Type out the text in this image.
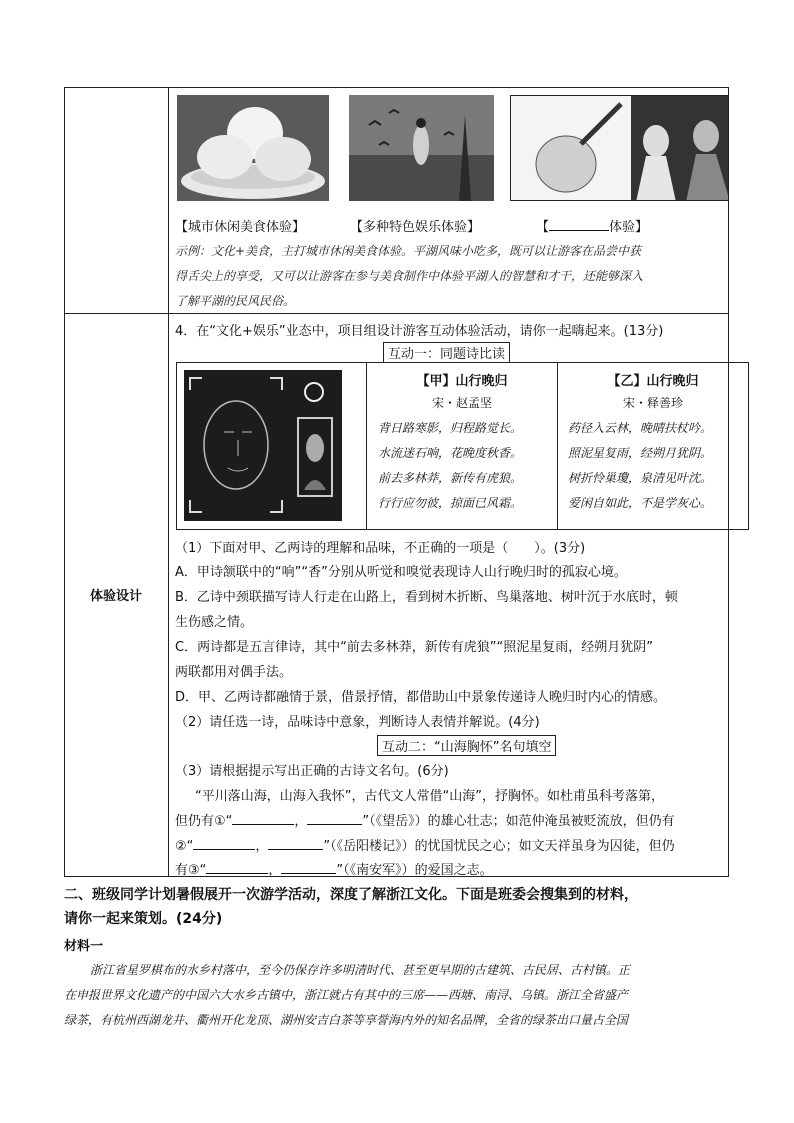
体验设计
【城市休闲美食体验】	【多种特色娱乐体验】	【	体验】
示例：文化+美食，主打城市休闲美食体验。平湖风味小吃多，既可以让游客在品尝中获
得舌尖上的享受，又可以让游客在参与美食制作中体验平湖人的智慧和才干，还能够深入
了解平湖的民风民俗。
4．在“文化+娱乐”业态中，项目组设计游客互动体验活动，请你一起嗨起来。(13分)
互动一：同题诗比读
【甲】山行晚归
宋・赵孟坚
背日路寒影，归程路觉长。
水流迷石响，花晚度秋香。
前去多林莽，新传有虎狼。
行行应勿彼，掠面已风霜。
【乙】山行晚归
宋・释善珍
药径入云林，晚晴扶杖吟。
照泥星复雨，经朔月犹阴。
树折怜巢瓊，泉清见叶沈。
爱闲自如此，不是学灰心。
（1）下面对甲、乙两诗的理解和品味，不正确的一项是（　　）。(3分)
A．甲诗颔联中的“响”“香”分别从听觉和嗅觉表现诗人山行晚归时的孤寂心境。
B．乙诗中颈联描写诗人行走在山路上，看到树木折断、鸟巢落地、树叶沉于水底时，顿
生伤感之情。
C．两诗都是五言律诗，其中“前去多林莽，新传有虎狼”“照泥星复雨，经朔月犹阴”
两联都用对偶手法。
D．甲、乙两诗都融情于景，借景抒情，都借助山中景象传递诗人晚归时内心的情感。
（2）请任选一诗，品味诗中意象，判断诗人表情并解说。(4分)
互动二：“山海胸怀”名句填空
（3）请根据提示写出正确的古诗文名句。(6分)
“平川落山海，山海入我怀”，古代文人常借“山海”，抒胸怀。如杜甫虽科考落第，
但仍有①“	，	”（《望岳》）的雄心壮志；如范仲淹虽被贬流放，但仍有
②“	，	”（《岳阳楼记》）的忧国忧民之心；如文天祥虽身为囚徒，但仍
有③“	，	”（《南安军》）的爱国之志。
二、班级同学计划暑假展开一次游学活动，深度了解浙江文化。下面是班委会搜集到的材料，
请你一起来策划。(24分)
材料一
浙江省星罗棋布的水乡村落中，至今仍保存许多明清时代、甚至更早期的古建筑、古民居、古村镇。正
在申报世界文化遗产的中国六大水乡古镇中，浙江就占有其中的三席——西塘、南浔、乌镇。浙江全省盛产
绿茶，有杭州西湖龙井、衢州开化龙顶、湖州安吉白茶等享誉海内外的知名品牌，全省的绿茶出口量占全国
